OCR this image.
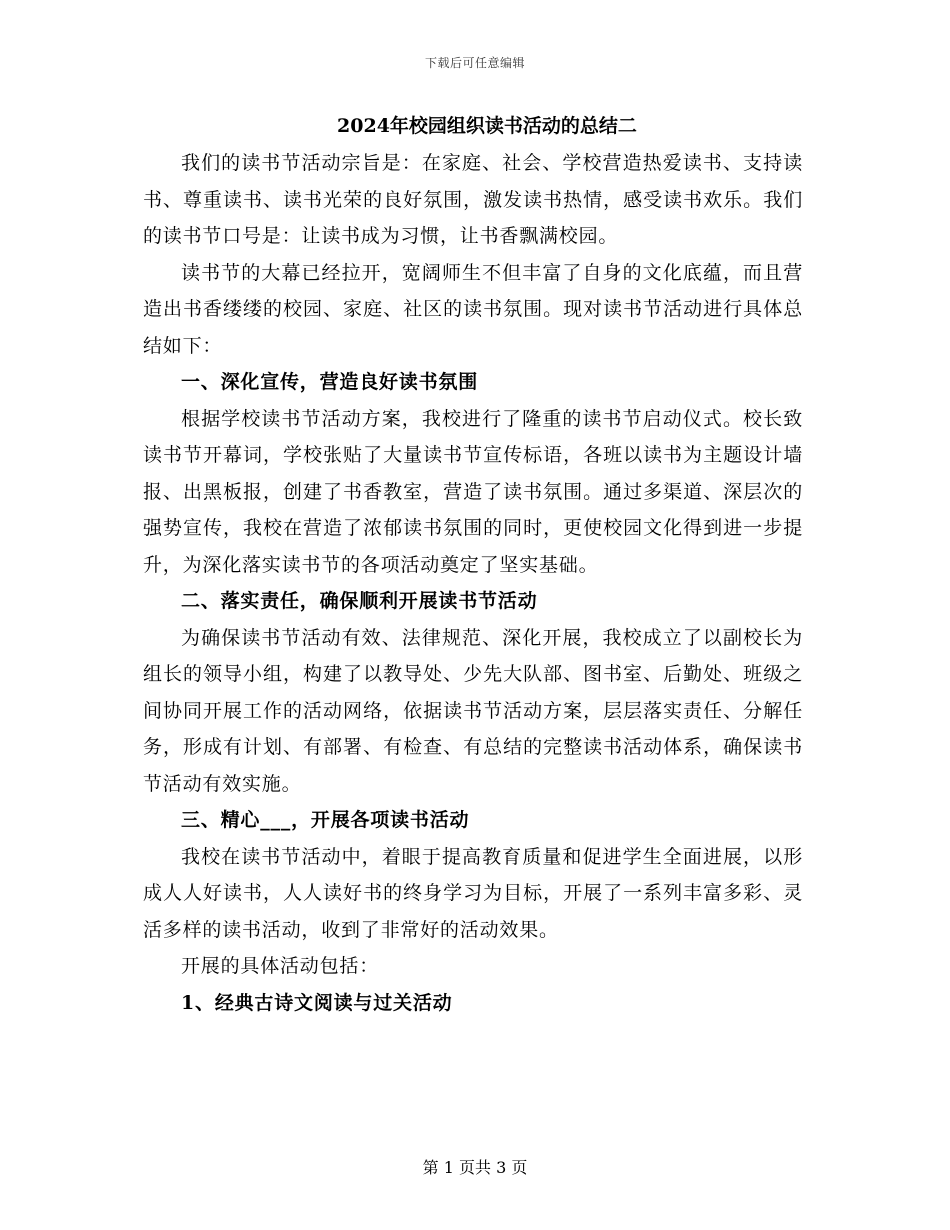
下载后可任意编辑

2024年校园组织读书活动的总结二

我们的读书节活动宗旨是：在家庭、社会、学校营造热爱读书、支持读书、尊重读书、读书光荣的良好氛围，激发读书热情，感受读书欢乐。我们的读书节口号是：让读书成为习惯，让书香飘满校园。

读书节的大幕已经拉开，宽阔师生不但丰富了自身的文化底蕴，而且营造出书香缕缕的校园、家庭、社区的读书氛围。现对读书节活动进行具体总结如下：

一、深化宣传，营造良好读书氛围

根据学校读书节活动方案，我校进行了隆重的读书节启动仪式。校长致读书节开幕词，学校张贴了大量读书节宣传标语，各班以读书为主题设计墙报、出黑板报，创建了书香教室，营造了读书氛围。通过多渠道、深层次的强势宣传，我校在营造了浓郁读书氛围的同时，更使校园文化得到进一步提升，为深化落实读书节的各项活动奠定了坚实基础。

二、落实责任，确保顺利开展读书节活动

为确保读书节活动有效、法律规范、深化开展，我校成立了以副校长为组长的领导小组，构建了以教导处、少先大队部、图书室、后勤处、班级之间协同开展工作的活动网络，依据读书节活动方案，层层落实责任、分解任务，形成有计划、有部署、有检查、有总结的完整读书活动体系，确保读书节活动有效实施。

三、精心___，开展各项读书活动

我校在读书节活动中，着眼于提高教育质量和促进学生全面进展，以形成人人好读书，人人读好书的终身学习为目标，开展了一系列丰富多彩、灵活多样的读书活动，收到了非常好的活动效果。

开展的具体活动包括：

1、经典古诗文阅读与过关活动

第 1 页共 3 页
